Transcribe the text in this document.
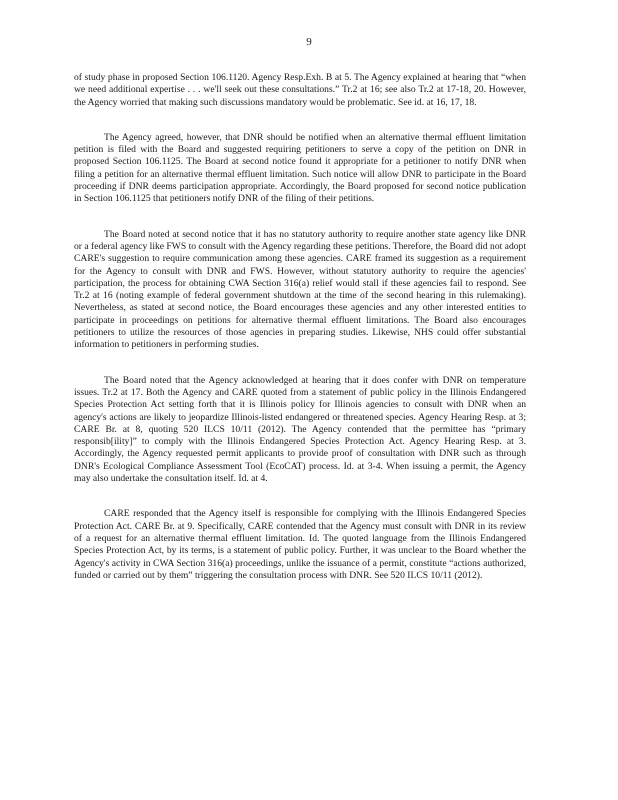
9

of study phase in proposed Section 106.1120. Agency Resp.Exh. B at 5. The Agency explained at hearing that “when we need additional expertise . . . we'll seek out these consultations.” Tr.2 at 16; see also Tr.2 at 17-18, 20. However, the Agency worried that making such discussions mandatory would be problematic. See id. at 16, 17, 18.

The Agency agreed, however, that DNR should be notified when an alternative thermal effluent limitation petition is filed with the Board and suggested requiring petitioners to serve a copy of the petition on DNR in proposed Section 106.1125. The Board at second notice found it appropriate for a petitioner to notify DNR when filing a petition for an alternative thermal effluent limitation. Such notice will allow DNR to participate in the Board proceeding if DNR deems participation appropriate. Accordingly, the Board proposed for second notice publication in Section 106.1125 that petitioners notify DNR of the filing of their petitions.

The Board noted at second notice that it has no statutory authority to require another state agency like DNR or a federal agency like FWS to consult with the Agency regarding these petitions. Therefore, the Board did not adopt CARE's suggestion to require communication among these agencies. CARE framed its suggestion as a requirement for the Agency to consult with DNR and FWS. However, without statutory authority to require the agencies' participation, the process for obtaining CWA Section 316(a) relief would stall if these agencies fail to respond. See Tr.2 at 16 (noting example of federal government shutdown at the time of the second hearing in this rulemaking). Nevertheless, as stated at second notice, the Board encourages these agencies and any other interested entities to participate in proceedings on petitions for alternative thermal effluent limitations. The Board also encourages petitioners to utilize the resources of those agencies in preparing studies. Likewise, NHS could offer substantial information to petitioners in performing studies.

The Board noted that the Agency acknowledged at hearing that it does confer with DNR on temperature issues. Tr.2 at 17. Both the Agency and CARE quoted from a statement of public policy in the Illinois Endangered Species Protection Act setting forth that it is Illinois policy for Illinois agencies to consult with DNR when an agency's actions are likely to jeopardize Illinois-listed endangered or threatened species. Agency Hearing Resp. at 3; CARE Br. at 8, quoting 520 ILCS 10/11 (2012). The Agency contended that the permittee has “primary responsib[ility]” to comply with the Illinois Endangered Species Protection Act. Agency Hearing Resp. at 3. Accordingly, the Agency requested permit applicants to provide proof of consultation with DNR such as through DNR's Ecological Compliance Assessment Tool (EcoCAT) process. Id. at 3-4. When issuing a permit, the Agency may also undertake the consultation itself. Id. at 4.

CARE responded that the Agency itself is responsible for complying with the Illinois Endangered Species Protection Act. CARE Br. at 9. Specifically, CARE contended that the Agency must consult with DNR in its review of a request for an alternative thermal effluent limitation. Id. The quoted language from the Illinois Endangered Species Protection Act, by its terms, is a statement of public policy. Further, it was unclear to the Board whether the Agency's activity in CWA Section 316(a) proceedings, unlike the issuance of a permit, constitute “actions authorized, funded or carried out by them” triggering the consultation process with DNR. See 520 ILCS 10/11 (2012).
